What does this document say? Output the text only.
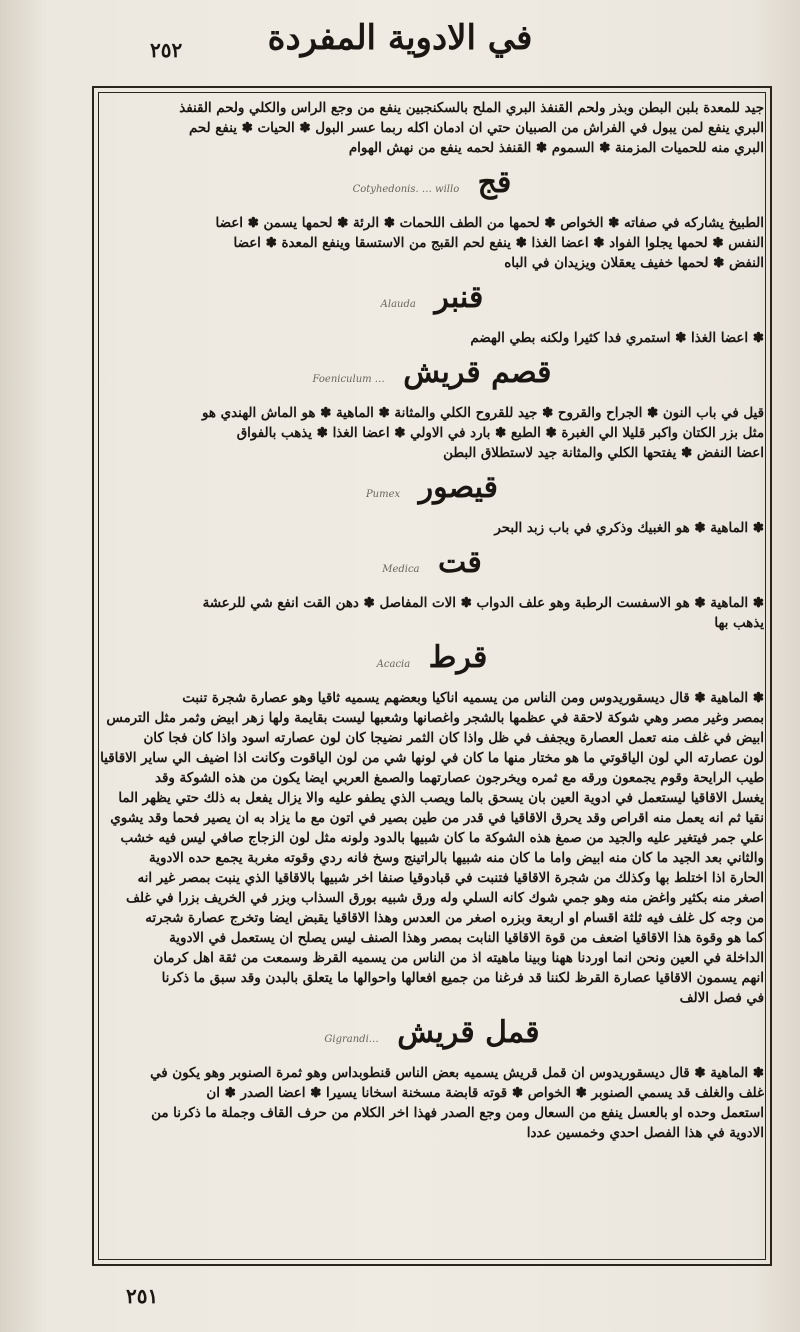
في الادوية المفردة
٢٥٢

جيد للمعدة بلبن البطن وبذر ولحم القنفذ البري الملح بالسكنجبين ينفع من وجع الراس والكلي ولحم القنفذ

البري ينفع لمن يبول في الفراش من الصبيان حتي ان ادمان اكله ربما عسر البول ✽ الحيات ✽ ينفع لحم

البري منه للحميات المزمنة ✽ السموم ✽ القنفذ لحمه ينفع من نهش الهوام

قج Cotyhedonis. … willo

الطبيخ يشاركه في صفاته ✽ الخواص ✽ لحمها من الطف اللحمات ✽ الرئة ✽ لحمها يسمن ✽ اعضا

النفس ✽ لحمها يجلوا الفواد ✽ اعضا الغذا ✽ ينفع لحم القبج من الاستسقا وينفع المعدة ✽ اعضا

النفض ✽ لحمها خفيف يعقلان ويزيدان في الباه

قنبر Alauda

✽ اعضا الغذا ✽ استمري فدا كثيرا ولكنه بطي الهضم

قصم قريش Foeniculum …

قيل في باب النون ✽ الجراح والقروح ✽ جيد للقروح الكلي والمثانة ✽ الماهية ✽ هو الماش الهندي هو

مثل بزر الكتان واكبر قليلا الي الغبرة ✽ الطبع ✽ بارد في الاولي ✽ اعضا الغذا ✽ يذهب بالفواق

اعضا النفض ✽ يفتحها الكلي والمثانة جيد لاستطلاق البطن

قيصور Pumex

✽ الماهية ✽ هو الغبيك وذكري في باب زبد البحر

قت Medica

✽ الماهية ✽ هو الاسفست الرطبة وهو علف الدواب ✽ الات المفاصل ✽ دهن القت انفع شي للرعشة

يذهب بها

قرط Acacia

✽ الماهية ✽ قال ديسقوريدوس ومن الناس من يسميه اناكيا وبعضهم يسميه ثاقيا وهو عصارة شجرة تنبت

بمصر وغير مصر وهي شوكة لاحقة في عظمها بالشجر واغصانها وشعبها ليست بقايمة ولها زهر ابيض وثمر مثل الترمس

ابيض في غلف منه تعمل العصارة ويجفف في ظل واذا كان الثمر نضيجا كان لون عصارته اسود واذا كان فجا كان

لون عصارته الي لون الياقوتي ما هو مختار منها ما كان في لونها شي من لون الياقوت وكانت اذا اضيف الي ساير الاقاقيا

طيب الرايحة وقوم يجمعون ورقه مع ثمره ويخرجون عصارتهما والصمغ العربي ايضا يكون من هذه الشوكة وقد

يغسل الاقاقيا ليستعمل في ادوية العين بان يسحق بالما ويصب الذي يطفو عليه والا يزال يفعل به ذلك حتي يظهر الما

نقيا ثم انه يعمل منه اقراص وقد يحرق الاقاقيا في قدر من طين بصير في اتون مع ما يزاد به ان يصير فحما وقد يشوي

علي جمر فيتغير عليه والجيد من صمغ هذه الشوكة ما كان شبيها بالدود ولونه مثل لون الزجاج صافي ليس فيه خشب

والثاني بعد الجيد ما كان منه ابيض واما ما كان منه شبيها بالراتينج وسخ فانه ردي وقوته مغربة يجمع حده الادوية

الحارة اذا اختلط بها وكذلك من شجرة الاقاقيا فتنبت في قبادوقيا صنفا اخر شبيها بالاقاقيا الذي ينبت بمصر غير انه

اصغر منه بكثير واغض منه وهو جمي شوك كانه السلي وله ورق شبيه بورق السذاب وبزر في الخريف بزرا في غلف

من وجه كل غلف فيه ثلثة اقسام او اربعة وبزره اصغر من العدس وهذا الاقاقيا يقبض ايضا وتخرج عصارة شجرته

كما هو وقوة هذا الاقاقيا اضعف من قوة الاقاقيا النابت بمصر وهذا الصنف ليس يصلح ان يستعمل في الادوية

الداخلة في العين ونحن انما اوردنا ههنا وبينا ماهيته اذ من الناس من يسميه القرظ وسمعت من ثقة اهل كرمان

انهم يسمون الاقاقيا عصارة القرظ لكننا قد فرغنا من جميع افعالها واحوالها ما يتعلق بالبدن وقد سبق ما ذكرنا

في فصل الالف

قمل قريش Gigrandi…

✽ الماهية ✽ قال ديسقوريدوس ان قمل قريش يسميه بعض الناس قنطوبداس وهو ثمرة الصنوبر وهو يكون في

غلف والغلف قد يسمي الصنوبر ✽ الخواص ✽ قوته قابضة مسخنة اسخانا يسيرا ✽ اعضا الصدر ✽ ان

استعمل وحده او بالعسل ينفع من السعال ومن وجع الصدر فهذا اخر الكلام من حرف القاف وجملة ما ذكرنا من

الادوية في هذا الفصل احدي وخمسين عددا

٢٥١
